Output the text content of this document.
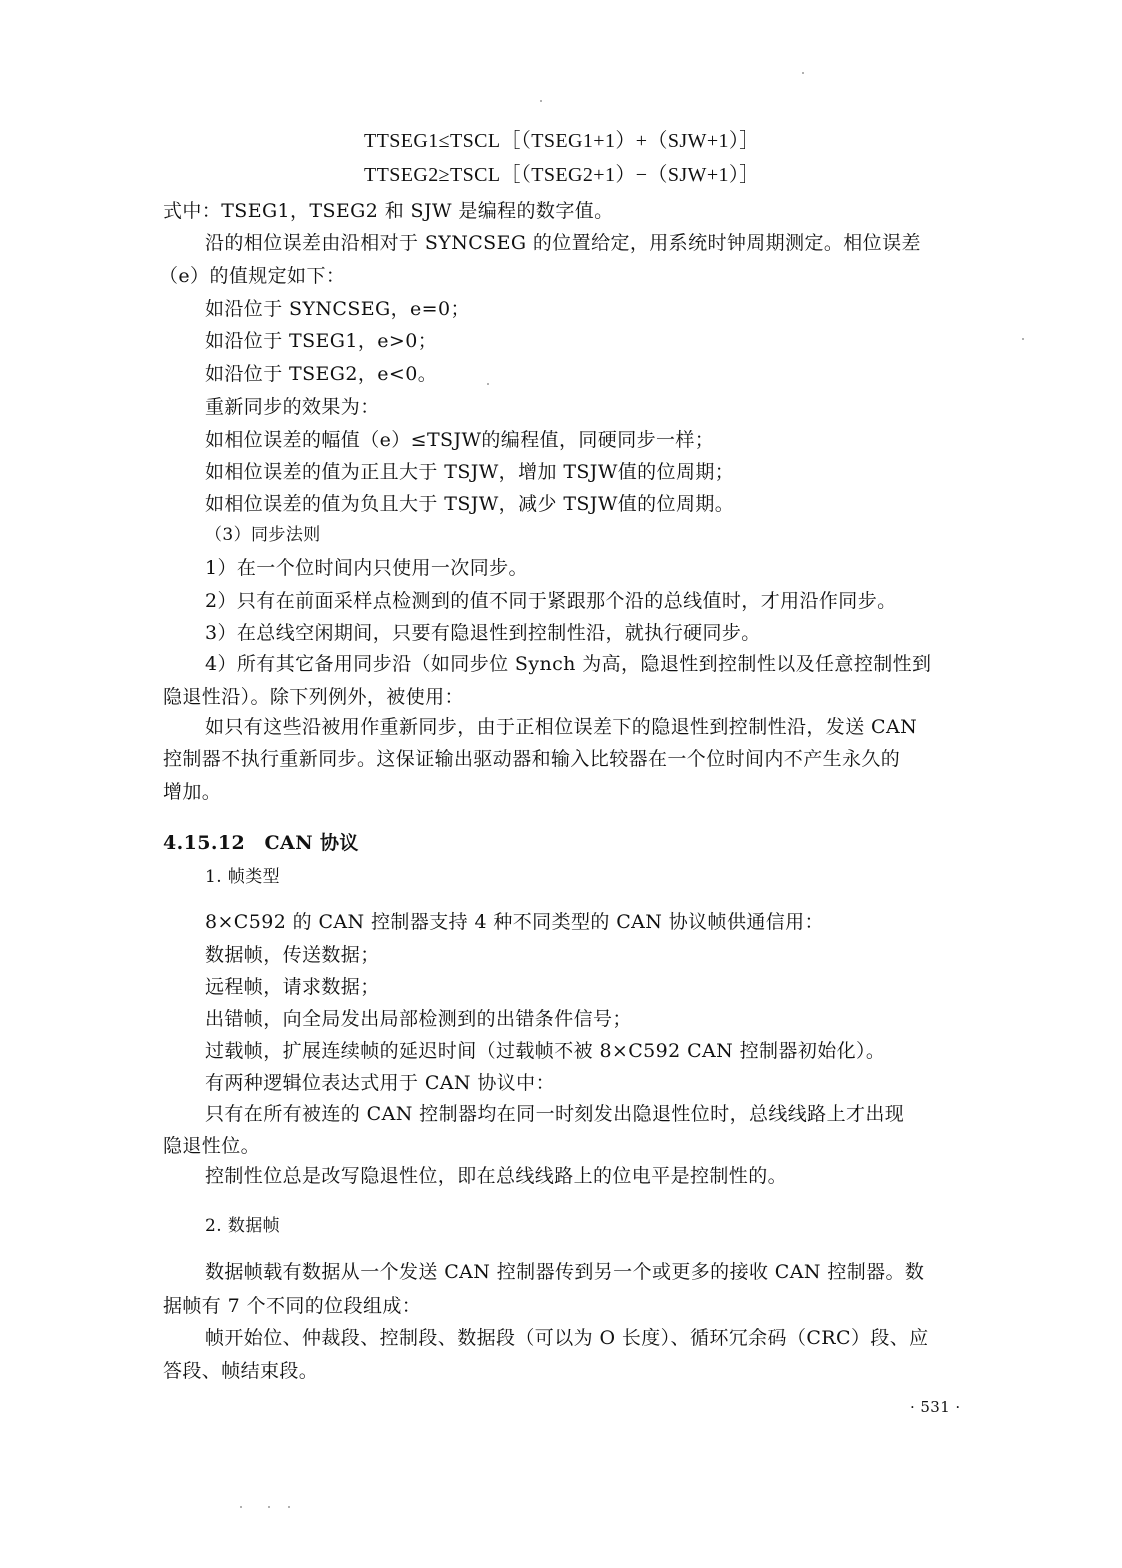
TTSEG1≤TSCL［（TSEG1+1）+（SJW+1）］
TTSEG2≥TSCL［（TSEG2+1）−（SJW+1）］
式中：TSEG1，TSEG2 和 SJW 是编程的数字值。
沿的相位误差由沿相对于 SYNCSEG 的位置给定，用系统时钟周期测定。相位误差
（e）的值规定如下：
如沿位于 SYNCSEG，e=0；
如沿位于 TSEG1，e>0；
如沿位于 TSEG2，e<0。
重新同步的效果为：
如相位误差的幅值（e）≤TSJW的编程值，同硬同步一样；
如相位误差的值为正且大于 TSJW，增加 TSJW值的位周期；
如相位误差的值为负且大于 TSJW，减少 TSJW值的位周期。
（3）同步法则
1）在一个位时间内只使用一次同步。
2）只有在前面采样点检测到的值不同于紧跟那个沿的总线值时，才用沿作同步。
3）在总线空闲期间，只要有隐退性到控制性沿，就执行硬同步。
4）所有其它备用同步沿（如同步位 Synch 为高，隐退性到控制性以及任意控制性到
隐退性沿）。除下列例外，被使用：
如只有这些沿被用作重新同步，由于正相位误差下的隐退性到控制性沿，发送 CAN
控制器不执行重新同步。这保证输出驱动器和输入比较器在一个位时间内不产生永久的
增加。
4.15.12　CAN 协议
1. 帧类型
8×C592 的 CAN 控制器支持 4 种不同类型的 CAN 协议帧供通信用：
数据帧，传送数据；
远程帧，请求数据；
出错帧，向全局发出局部检测到的出错条件信号；
过载帧，扩展连续帧的延迟时间（过载帧不被 8×C592 CAN 控制器初始化）。
有两种逻辑位表达式用于 CAN 协议中：
只有在所有被连的 CAN 控制器均在同一时刻发出隐退性位时，总线线路上才出现
隐退性位。
控制性位总是改写隐退性位，即在总线线路上的位电平是控制性的。
2. 数据帧
数据帧载有数据从一个发送 CAN 控制器传到另一个或更多的接收 CAN 控制器。数
据帧有 7 个不同的位段组成：
帧开始位、仲裁段、控制段、数据段（可以为 O 长度）、循环冗余码（CRC）段、应
答段、帧结束段。
· 531 ·
